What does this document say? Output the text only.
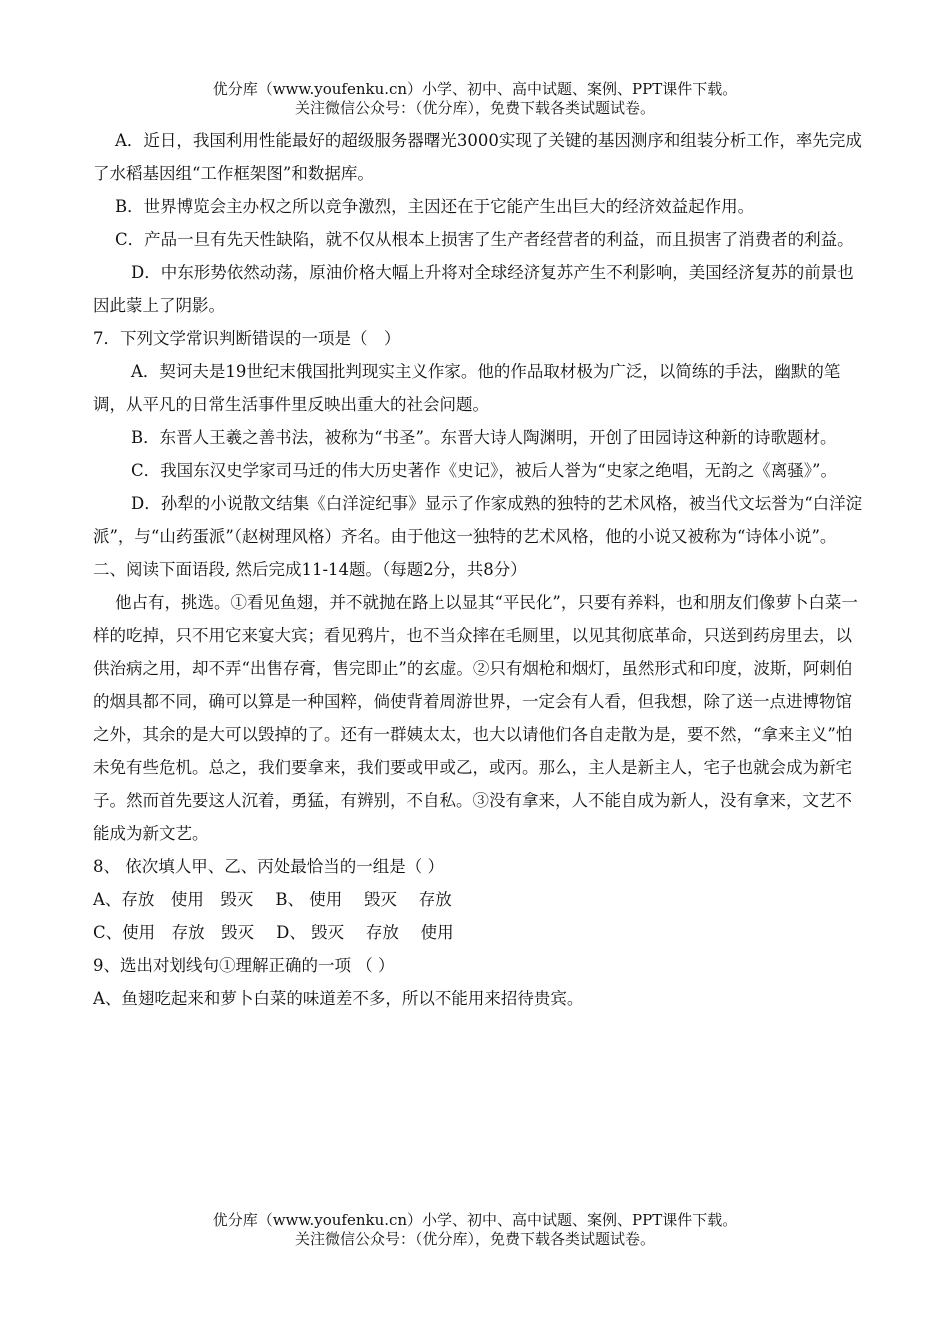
优分库（www.youfenku.cn）小学、初中、高中试题、案例、PPT课件下载。
关注微信公众号：（优分库），免费下载各类试题试卷。

A．近日，我国利用性能最好的超级服务器曙光3000实现了关键的基因测序和组装分析工作，率先完成了水稻基因组“工作框架图”和数据库。

B．世界博览会主办权之所以竞争激烈，主因还在于它能产生出巨大的经济效益起作用。

C．产品一旦有先天性缺陷，就不仅从根本上损害了生产者经营者的利益，而且损害了消费者的利益。

D．中东形势依然动荡，原油价格大幅上升将对全球经济复苏产生不利影响，美国经济复苏的前景也因此蒙上了阴影。

7．下列文学常识判断错误的一项是（　）

A．契诃夫是19世纪末俄国批判现实主义作家。他的作品取材极为广泛，以简练的手法，幽默的笔调，从平凡的日常生活事件里反映出重大的社会问题。

B．东晋人王羲之善书法，被称为“书圣”。东晋大诗人陶渊明，开创了田园诗这种新的诗歌题材。

C．我国东汉史学家司马迁的伟大历史著作《史记》，被后人誉为“史家之绝唱，无韵之《离骚》”。

D．孙犁的小说散文结集《白洋淀纪事》显示了作家成熟的独特的艺术风格，被当代文坛誉为“白洋淀派”，与“山药蛋派”（赵树理风格）齐名。由于他这一独特的艺术风格，他的小说又被称为“诗体小说”。

二、阅读下面语段, 然后完成11-14题。（每题2分，共8分）

他占有，挑选。①看见鱼翅，并不就抛在路上以显其“平民化”，只要有养料，也和朋友们像萝卜白菜一样的吃掉，只不用它来宴大宾；看见鸦片，也不当众摔在毛厕里，以见其彻底革命，只送到药房里去，以供治病之用，却不弄“出售存膏，售完即止”的玄虚。②只有烟枪和烟灯，虽然形式和印度，波斯，阿刺伯的烟具都不同，确可以算是一种国粹，倘使背着周游世界，一定会有人看，但我想，除了送一点进博物馆之外，其余的是大可以毁掉的了。还有一群姨太太，也大以请他们各自走散为是，要不然，“拿来主义”怕未免有些危机。总之，我们要拿来，我们要或甲或乙，或丙。那么，主人是新主人，宅子也就会成为新宅子。然而首先要这人沉着，勇猛，有辨别，不自私。③没有拿来，人不能自成为新人，没有拿来，文艺不能成为新文艺。

8、 依次填人甲、乙、丙处最恰当的一组是（ ）

A、存放　使用　毁灭 B、 使用　 毁灭　 存放

C、使用　存放　毁灭 D、 毁灭　 存放　 使用

9、选出对划线句①理解正确的一项 （ ）

A、鱼翅吃起来和萝卜白菜的味道差不多，所以不能用来招待贵宾。

优分库（www.youfenku.cn）小学、初中、高中试题、案例、PPT课件下载。
关注微信公众号：（优分库），免费下载各类试题试卷。
